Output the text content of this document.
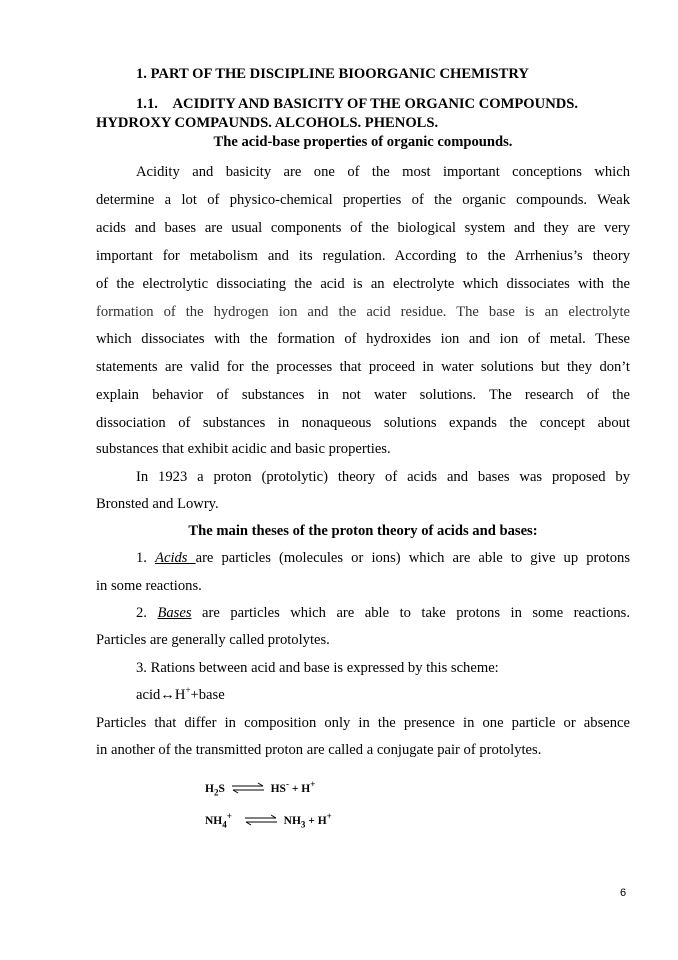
1. PART OF THE DISCIPLINE BIOORGANIC CHEMISTRY
1.1. ACIDITY AND BASICITY OF THE ORGANIC COMPOUNDS.
HYDROXY COMPAUNDS. ALCOHOLS. PHENOLS.
The acid-base properties of organic compounds.
Acidity and basicity are one of the most important conceptions which
determine a lot of physico-chemical properties of the organic compounds. Weak
acids and bases are usual components of the biological system and they are very
important for metabolism and its regulation. According to the Arrhenius’s theory
of the electrolytic dissociating the acid is an electrolyte which dissociates with the
formation of the hydrogen ion and the acid residue. The base is an electrolyte
which dissociates with the formation of hydroxides ion and ion of metal. These
statements are valid for the processes that proceed in water solutions but they don’t
explain behavior of substances in not water solutions. The research of the
dissociation of substances in nonaqueous solutions expands the concept about
substances that exhibit acidic and basic properties.
In 1923 a proton (protolytic) theory of acids and bases was proposed by
Bronsted and Lowry.
The main theses of the proton theory of acids and bases:
1. Acids are particles (molecules or ions) which are able to give up protons
in some reactions.
2. Bases are particles which are able to take protons in some reactions.
Particles are generally called protolytes.
3. Rations between acid and base is expressed by this scheme:
acid↔H++base
Particles that differ in composition only in the presence in one particle or absence
in another of the transmitted proton are called a conjugate pair of protolytes.
$H_2S$ ⇌ HS- + H+
$NH_4^+$ ⇌ $NH_3 + H^+$
6
